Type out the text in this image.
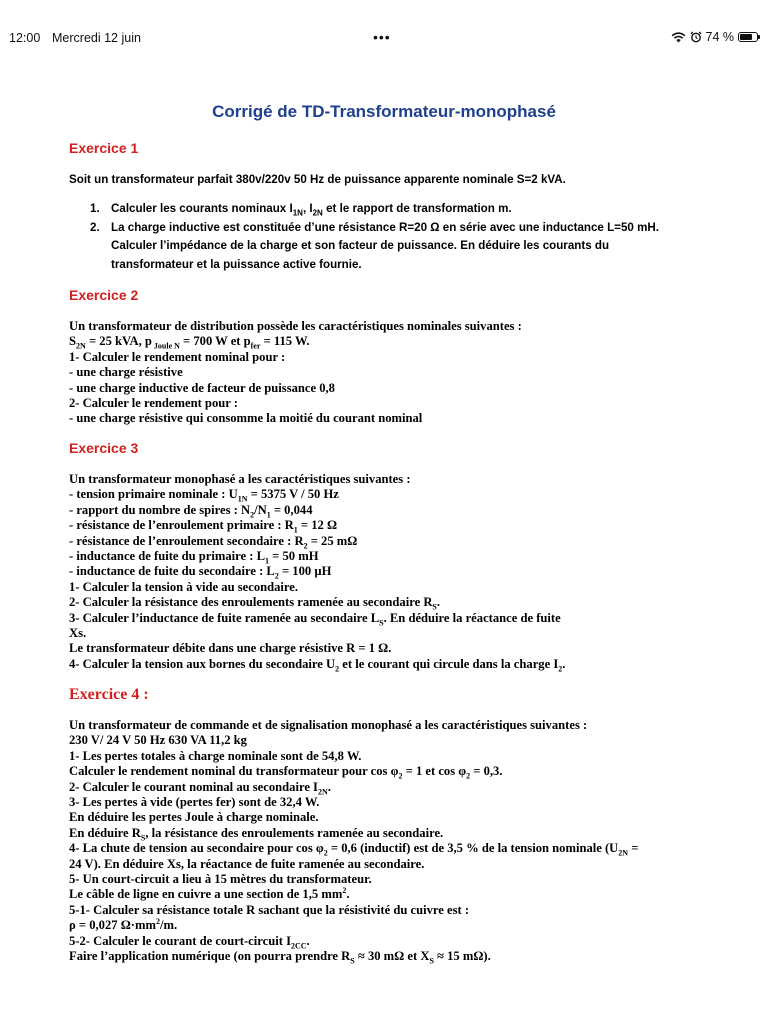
12:00 Mercredi 12 juin	•••	74 %
Corrigé de TD-Transformateur-monophasé
Exercice 1
Soit un transformateur parfait 380v/220v 50 Hz de puissance apparente nominale S=2 kVA.
1. Calculer les courants nominaux $I_{1N}$, $I_{2N}$ et le rapport de transformation m.
2. La charge inductive est constituée d’une résistance R=20 Ω en série avec une inductance L=50 mH.
Calculer l’impédance de la charge et son facteur de puissance. En déduire les courants du
transformateur et la puissance active fournie.
Exercice 2
Un transformateur de distribution possède les caractéristiques nominales suivantes :
$S_{2N} = 25$ kVA, p $_{Joule N}$ = 700 W et $p_{fer} = 115$ W.
1- Calculer le rendement nominal pour :
- une charge résistive
- une charge inductive de facteur de puissance 0,8
2- Calculer le rendement pour :
- une charge résistive qui consomme la moitié du courant nominal
Exercice 3
Un transformateur monophasé a les caractéristiques suivantes :
- tension primaire nominale : $U_{1N} = 5375$ V / 50 Hz
- rapport du nombre de spires : $N_2/N_1 = 0,044$
- résistance de l’enroulement primaire : $R_1 = 12$ Ω
- résistance de l’enroulement secondaire : $R_2 = 25$ mΩ
- inductance de fuite du primaire : $L_1 = 50$ mH
- inductance de fuite du secondaire : $L_2 = 100$ µH
1- Calculer la tension à vide au secondaire.
2- Calculer la résistance des enroulements ramenée au secondaire $R_S$.
3- Calculer l’inductance de fuite ramenée au secondaire $L_S$. En déduire la réactance de fuite
Xs.
Le transformateur débite dans une charge résistive R = 1 Ω.
4- Calculer la tension aux bornes du secondaire $U_2$ et le courant qui circule dans la charge $I_2$.
Exercice 4 :
Un transformateur de commande et de signalisation monophasé a les caractéristiques suivantes :
230 V/ 24 V 50 Hz 630 VA 11,2 kg
1- Les pertes totales à charge nominale sont de 54,8 W.
Calculer le rendement nominal du transformateur pour $\cos \varphi_2 = 1$ et $\cos \varphi_2 = 0,3$.
2- Calculer le courant nominal au secondaire $I_{2N}$.
3- Les pertes à vide (pertes fer) sont de 32,4 W.
En déduire les pertes Joule à charge nominale.
En déduire $R_S$, la résistance des enroulements ramenée au secondaire.
4- La chute de tension au secondaire pour $\cos \varphi_2 = 0,6$ (inductif) est de 3,5 % de la tension nominale ($U_{2N}$ =
24 V). En déduire Xs, la réactance de fuite ramenée au secondaire.
5- Un court-circuit a lieu à 15 mètres du transformateur.
Le câble de ligne en cuivre a une section de 1,5 $mm^2$.
5-1- Calculer sa résistance totale R sachant que la résistivité du cuivre est :
ρ = 0,027 $\Omega\cdot mm^2/m$.
5-2- Calculer le courant de court-circuit $I_{2CC}$.
Faire l’application numérique (on pourra prendre $R_S \approx 30$ mΩ et $X_S \approx 15$ mΩ).
